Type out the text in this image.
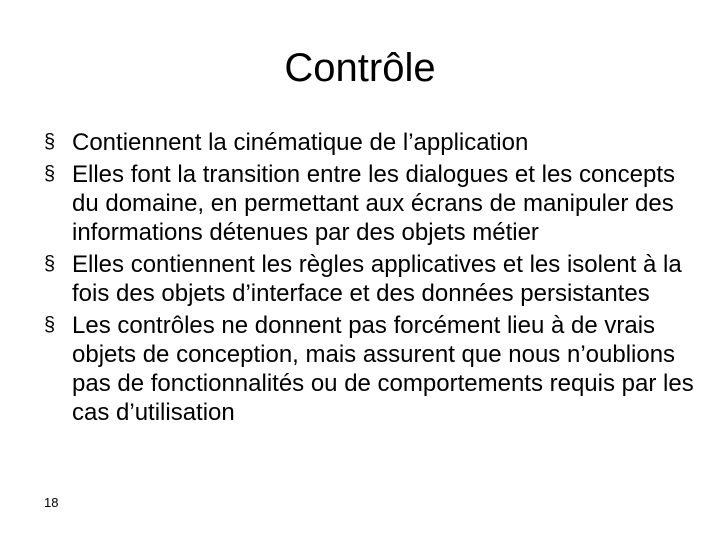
Contrôle
§ Contiennent la cinématique de l’application
§ Elles font la transition entre les dialogues et les concepts du domaine, en permettant aux écrans de manipuler des informations détenues par des objets métier
§ Elles contiennent les règles applicatives et les isolent à la fois des objets d’interface et des données persistantes
§ Les contrôles ne donnent pas forcément lieu à de vrais objets de conception, mais assurent que nous n’oublions pas de fonctionnalités ou de comportements requis par les cas d’utilisation
18
